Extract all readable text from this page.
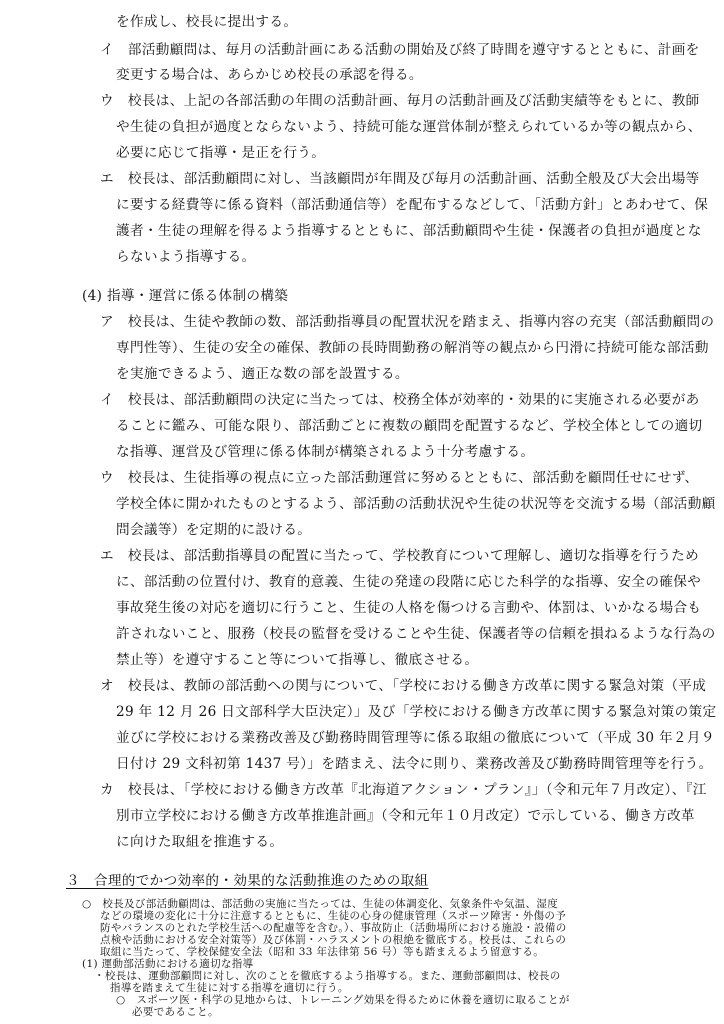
を作成し、校長に提出する。
イ　部活動顧問は、毎月の活動計画にある活動の開始及び終了時間を遵守するとともに、計画を
変更する場合は、あらかじめ校長の承認を得る。
ウ　校長は、上記の各部活動の年間の活動計画、毎月の活動計画及び活動実績等をもとに、教師
や生徒の負担が過度とならないよう、持続可能な運営体制が整えられているか等の観点から、
必要に応じて指導・是正を行う。
エ　校長は、部活動顧問に対し、当該顧問が年間及び毎月の活動計画、活動全般及び大会出場等
に要する経費等に係る資料（部活動通信等）を配布するなどして、「活動方針」とあわせて、保
護者・生徒の理解を得るよう指導するとともに、部活動顧問や生徒・保護者の負担が過度とな
らないよう指導する。
(4) 指導・運営に係る体制の構築
ア　校長は、生徒や教師の数、部活動指導員の配置状況を踏まえ、指導内容の充実（部活動顧問の
専門性等）、生徒の安全の確保、教師の長時間勤務の解消等の観点から円滑に持続可能な部活動
を実施できるよう、適正な数の部を設置する。
イ　校長は、部活動顧問の決定に当たっては、校務全体が効率的・効果的に実施される必要があ
ることに鑑み、可能な限り、部活動ごとに複数の顧問を配置するなど、学校全体としての適切
な指導、運営及び管理に係る体制が構築されるよう十分考慮する。
ウ　校長は、生徒指導の視点に立った部活動運営に努めるとともに、部活動を顧問任せにせず、
学校全体に開かれたものとするよう、部活動の活動状況や生徒の状況等を交流する場（部活動顧
問会議等）を定期的に設ける。
エ　校長は、部活動指導員の配置に当たって、学校教育について理解し、適切な指導を行うため
に、部活動の位置付け、教育的意義、生徒の発達の段階に応じた科学的な指導、安全の確保や
事故発生後の対応を適切に行うこと、生徒の人格を傷つける言動や、体罰は、いかなる場合も
許されないこと、服務（校長の監督を受けることや生徒、保護者等の信頼を損ねるような行為の
禁止等）を遵守すること等について指導し、徹底させる。
オ　校長は、教師の部活動への関与について、「学校における働き方改革に関する緊急対策（平成
29 年 12 月 26 日文部科学大臣決定）」及び「学校における働き方改革に関する緊急対策の策定
並びに学校における業務改善及び勤務時間管理等に係る取組の徹底について（平成 30 年２月９
日付け 29 文科初第 1437 号）」を踏まえ、法令に則り、業務改善及び勤務時間管理等を行う。
カ　校長は、「学校における働き方改革『北海道アクション・プラン』」（令和元年７月改定）、『江
別市立学校における働き方改革推進計画』（令和元年１０月改定）で示している、働き方改革
に向けた取組を推進する。
３　合理的でかつ効率的・効果的な活動推進のための取組
○　校長及び部活動顧問は、部活動の実施に当たっては、生徒の体調変化、気象条件や気温、湿度
などの環境の変化に十分に注意するとともに、生徒の心身の健康管理（スポーツ障害・外傷の予
防やバランスのとれた学校生活への配慮等を含む。）、事故防止（活動場所における施設・設備の
点検や活動における安全対策等）及び体罰・ハラスメントの根絶を徹底する。校長は、これらの
取組に当たって、学校保健安全法（昭和 33 年法律第 56 号）等も踏まえるよう留意する。
(1) 運動部活動における適切な指導
・校長は、運動部顧問に対し、次のことを徹底するよう指導する。また、運動部顧問は、校長の
指導を踏まえて生徒に対する指導を適切に行う。
○　スポーツ医・科学の見地からは、トレーニング効果を得るために休養を適切に取ることが
必要であること。
